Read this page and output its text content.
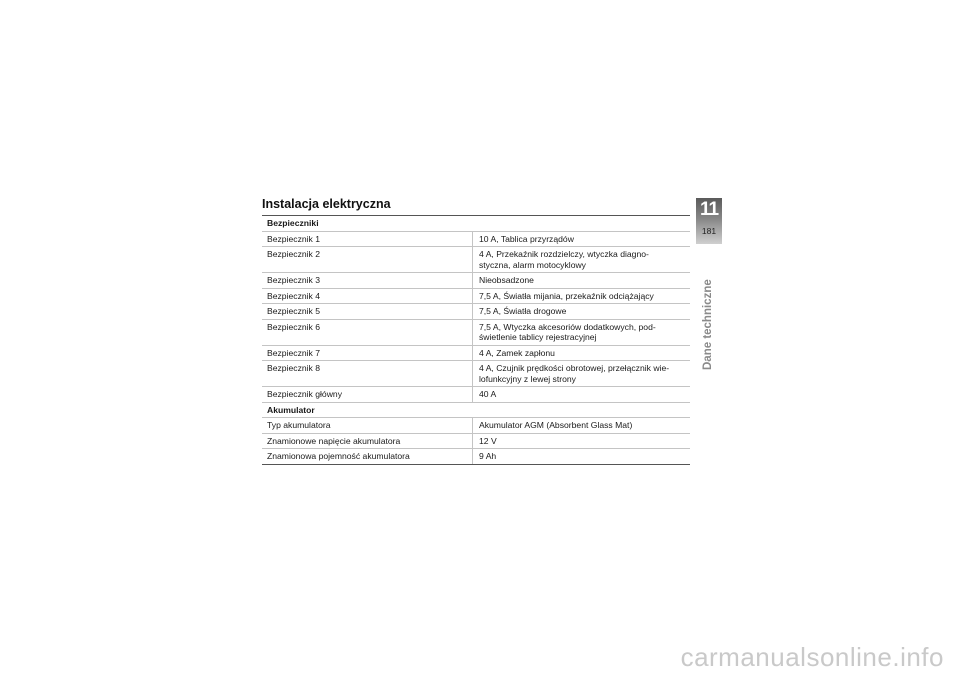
Instalacja elektryczna
Bezpieczniki	
Bezpiecznik 1	10 A, Tablica przyrządów
Bezpiecznik 2	4 A, Przekaźnik rozdzielczy, wtyczka diagno-
styczna, alarm motocyklowy
Bezpiecznik 3	Nieobsadzone
Bezpiecznik 4	7,5 A, Światła mijania, przekaźnik odciążający
Bezpiecznik 5	7,5 A, Światła drogowe
Bezpiecznik 6	7,5 A, Wtyczka akcesoriów dodatkowych, pod-
świetlenie tablicy rejestracyjnej
Bezpiecznik 7	4 A, Zamek zapłonu
Bezpiecznik 8	4 A, Czujnik prędkości obrotowej, przełącznik wie-
lofunkcyjny z lewej strony
Bezpiecznik główny	40 A
Akumulator	
Typ akumulatora	Akumulator AGM (Absorbent Glass Mat)
Znamionowe napięcie akumulatora	12 V
Znamionowa pojemność akumulatora	9 Ah
11
181
Dane techniczne
carmanualsonline.info
